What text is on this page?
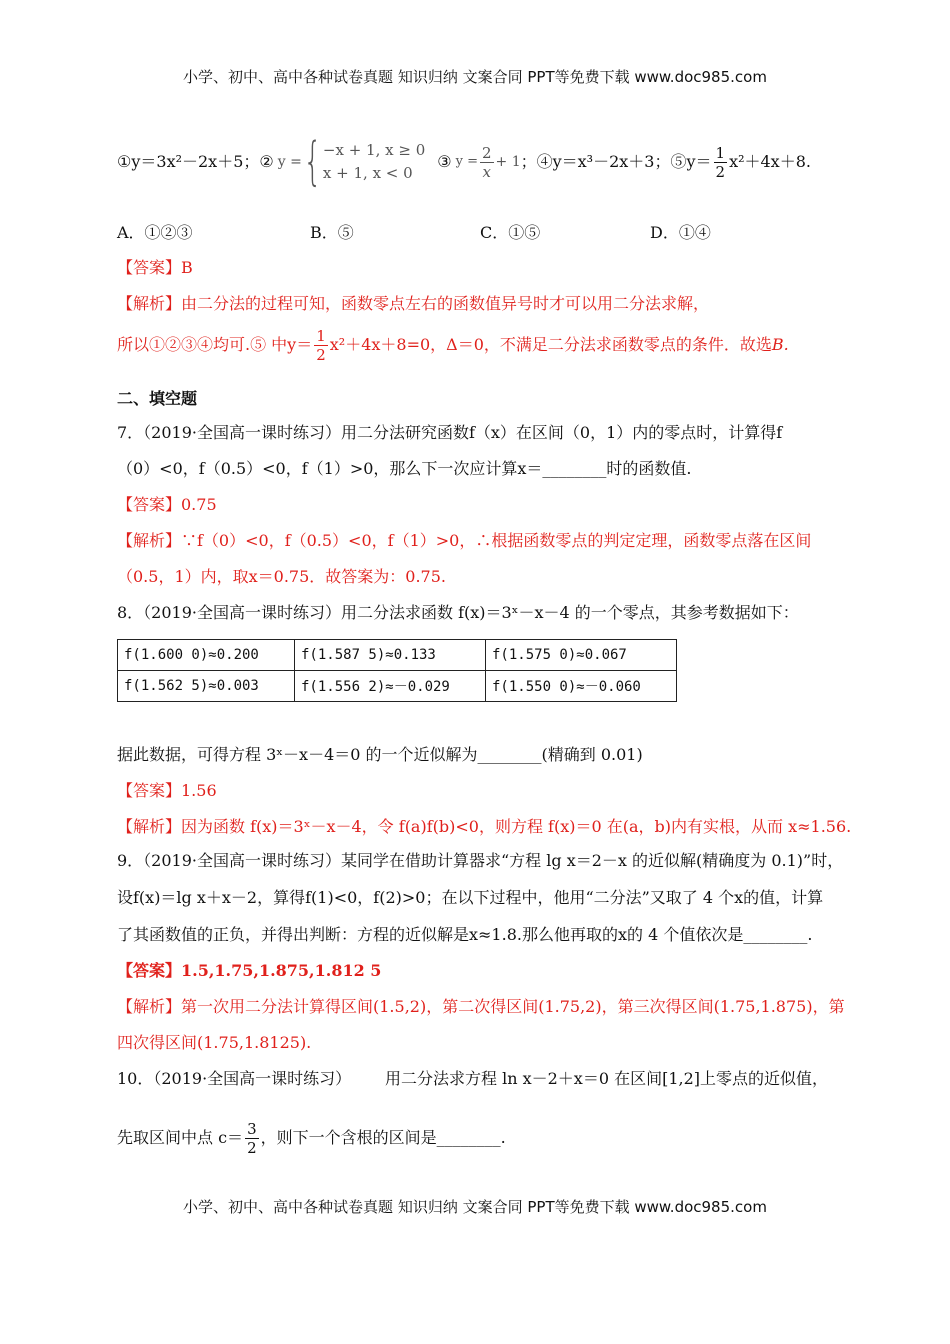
小学、初中、高中各种试卷真题 知识归纳 文案合同 PPT等免费下载 www.doc985.com
小学、初中、高中各种试卷真题 知识归纳 文案合同 PPT等免费下载 www.doc985.com
①y＝3x²－2x＋5；② y = { −x + 1, x ≥ 0
x + 1, x < 0
③ $y = \frac{2}{x} + 1$ ；④y＝x³－2x＋3；⑤y＝ $\frac{1}{2} x^2+4x+8$.
A．①②③	B．⑤	C．①⑤	D．①④
【答案】B
【解析】由二分法的过程可知，函数零点左右的函数值异号时才可以用二分法求解，
所以①②③④均可.⑤ 中$y= \frac{1}{2} x^2+4x+8=0$，Δ＝0，不满足二分法求函数零点的条件．故选 B.
二、填空题
7．（2019·全国高一课时练习）用二分法研究函数f（x）在区间（0，1）内的零点时，计算得f
（0）<0，f（0.5）<0，f（1）>0，那么下一次应计算x＝________时的函数值.
【答案】0.75
【解析】∵f（0）<0，f（0.5）<0，f（1）>0，∴根据函数零点的判定定理，函数零点落在区间
（0.5，1）内，取x＝0.75．故答案为：0.75.
8．（2019·全国高一课时练习）用二分法求函数 f(x)＝3ˣ－x－4 的一个零点，其参考数据如下：
f(1.600 0)≈0.200	f(1.587 5)≈0.133	f(1.575 0)≈0.067
f(1.562 5)≈0.003	f(1.556 2)≈－0.029	f(1.550 0)≈－0.060
据此数据，可得方程 3ˣ－x－4＝0 的一个近似解为________(精确到 0.01)
【答案】1.56
【解析】因为函数 f(x)＝3ˣ－x－4，令 f(a)f(b)<0，则方程 f(x)＝0 在(a，b)内有实根，从而 x≈1.56.
9．（2019·全国高一课时练习）某同学在借助计算器求“方程 lg x＝2－x 的近似解(精确度为 0.1)”时，
设f(x)＝lg x＋x－2，算得f(1)<0，f(2)>0；在以下过程中，他用“二分法”又取了 4 个x的值，计算
了其函数值的正负，并得出判断：方程的近似解是x≈1.8.那么他再取的x的 4 个值依次是________.
【答案】1.5,1.75,1.875,1.812 5
【解析】第一次用二分法计算得区间(1.5,2)，第二次得区间(1.75,2)，第三次得区间(1.75,1.875)，第
四次得区间(1.75,1.8125).
10．（2019·全国高一课时练习） 用二分法求方程 ln x－2＋x＝0 在区间[1,2]上零点的近似值，
先取区间中点 $c= \frac{3}{2}$ ，则下一个含根的区间是________.
